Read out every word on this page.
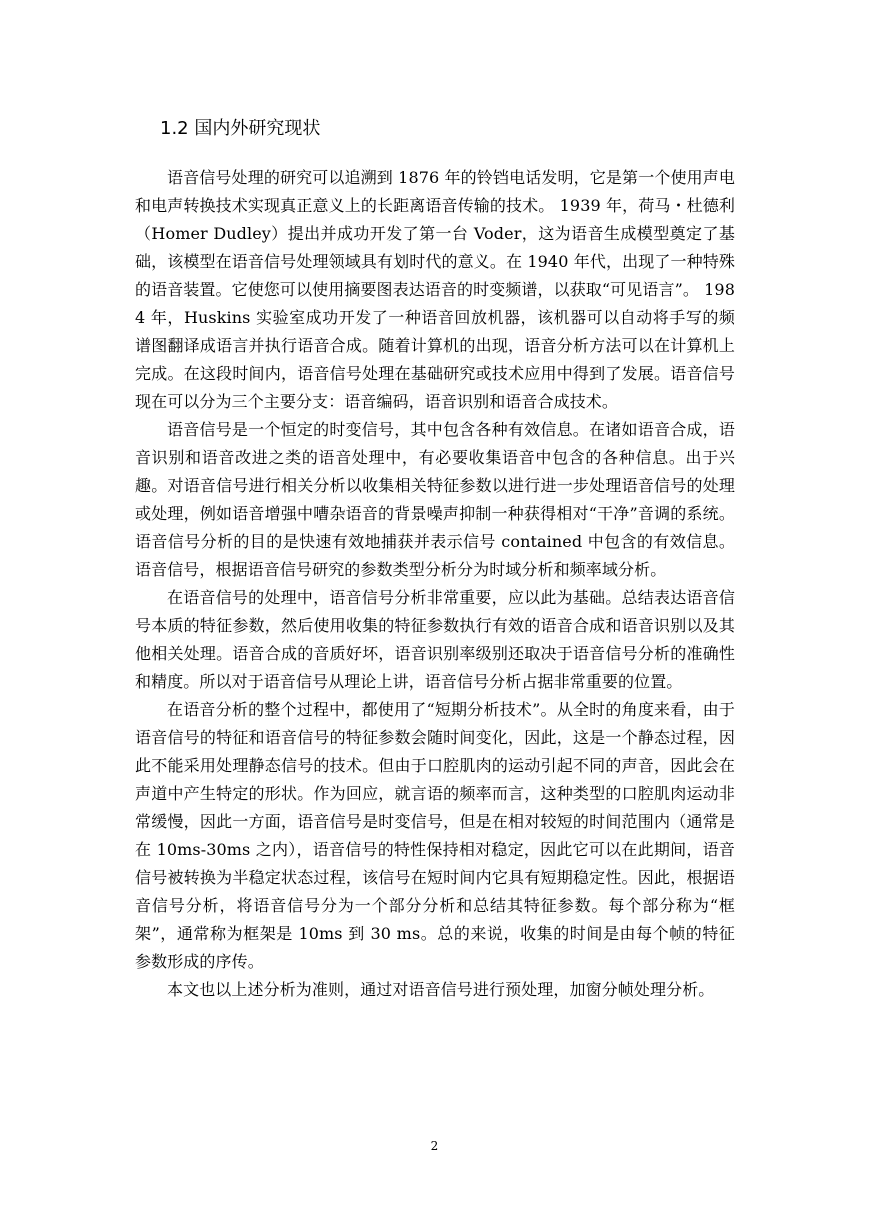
1.2 国内外研究现状

语音信号处理的研究可以追溯到 1876 年的铃铛电话发明，它是第一个使用声电和电声转换技术实现真正意义上的长距离语音传输的技术。 1939 年，荷马・杜德利（Homer Dudley）提出并成功开发了第一台 Voder，这为语音生成模型奠定了基础，该模型在语音信号处理领域具有划时代的意义。在 1940 年代，出现了一种特殊的语音装置。它使您可以使用摘要图表达语音的时变频谱，以获取“可见语言”。 1984 年，Huskins 实验室成功开发了一种语音回放机器，该机器可以自动将手写的频谱图翻译成语言并执行语音合成。随着计算机的出现，语音分析方法可以在计算机上完成。在这段时间内，语音信号处理在基础研究或技术应用中得到了发展。语音信号现在可以分为三个主要分支：语音编码，语音识别和语音合成技术。

语音信号是一个恒定的时变信号，其中包含各种有效信息。在诸如语音合成，语音识别和语音改进之类的语音处理中，有必要收集语音中包含的各种信息。出于兴趣。对语音信号进行相关分析以收集相关特征参数以进行进一步处理语音信号的处理或处理，例如语音增强中嘈杂语音的背景噪声抑制一种获得相对“干净”音调的系统。语音信号分析的目的是快速有效地捕获并表示信号 contained 中包含的有效信息。语音信号，根据语音信号研究的参数类型分析分为时域分析和频率域分析。

在语音信号的处理中，语音信号分析非常重要，应以此为基础。总结表达语音信号本质的特征参数，然后使用收集的特征参数执行有效的语音合成和语音识别以及其他相关处理。语音合成的音质好坏，语音识别率级别还取决于语音信号分析的准确性和精度。所以对于语音信号从理论上讲，语音信号分析占据非常重要的位置。

在语音分析的整个过程中，都使用了“短期分析技术”。从全时的角度来看，由于语音信号的特征和语音信号的特征参数会随时间变化，因此，这是一个静态过程，因此不能采用处理静态信号的技术。但由于口腔肌肉的运动引起不同的声音，因此会在声道中产生特定的形状。作为回应，就言语的频率而言，这种类型的口腔肌肉运动非常缓慢，因此一方面，语音信号是时变信号，但是在相对较短的时间范围内（通常是在 10ms-30ms 之内），语音信号的特性保持相对稳定，因此它可以在此期间，语音信号被转换为半稳定状态过程，该信号在短时间内它具有短期稳定性。因此，根据语音信号分析，将语音信号分为一个部分分析和总结其特征参数。每个部分称为“框架”，通常称为框架是 10ms 到 30 ms。总的来说，收集的时间是由每个帧的特征参数形成的序传。

本文也以上述分析为准则，通过对语音信号进行预处理，加窗分帧处理分析。

2
